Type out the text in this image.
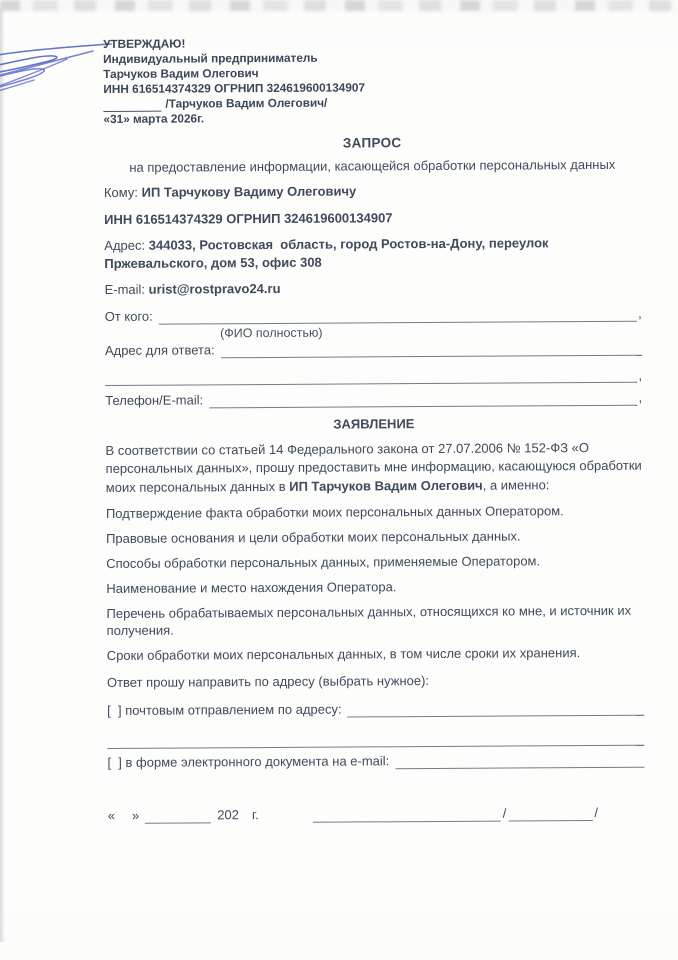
УТВЕРЖДАЮ!
Индивидуальный предприниматель
Тарчуков Вадим Олегович
ИНН 616514374329 ОГРНИП 324619600134907
/Тарчуков Вадим Олегович/
«31» марта 2026г.
ЗАПРОС
на предоставление информации, касающейся обработки персональных данных
Кому: ИП Тарчукову Вадиму Олеговичу
ИНН 616514374329 ОГРНИП 324619600134907
Адрес: 344033, Ростовская  область, город Ростов-на-Дону, переулок Пржевальского, дом 53, офис 308
E-mail: urist@rostpravo24.ru
От кого:	,
(ФИО полностью)
Адрес для ответа:
,
Телефон/E-mail:	,
ЗАЯВЛЕНИЕ
В соответствии со статьей 14 Федерального закона от 27.07.2006 № 152-ФЗ «О персональных данных», прошу предоставить мне информацию, касающуюся обработки моих персональных данных в ИП Тарчуков Вадим Олегович, а именно:
Подтверждение факта обработки моих персональных данных Оператором.
Правовые основания и цели обработки моих персональных данных.
Способы обработки персональных данных, применяемые Оператором.
Наименование и место нахождения Оператора.
Перечень обрабатываемых персональных данных, относящихся ко мне, и источник их получения.
Сроки обработки моих персональных данных, в том числе сроки их хранения.
Ответ прошу направить по адресу (выбрать нужное):
[  ] почтовым отправлением по адресу:
[  ] в форме электронного документа на e-mail:
« »	202 г.	/	/
